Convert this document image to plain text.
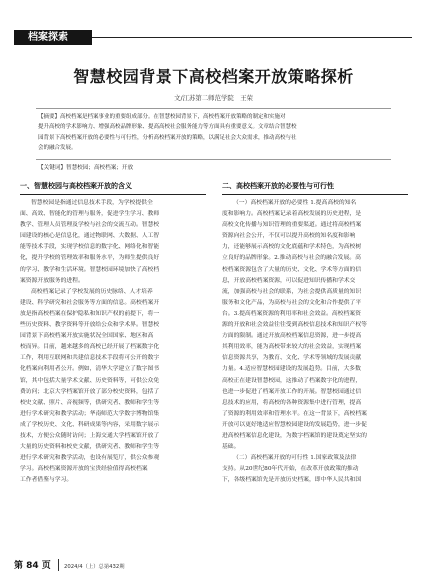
档案探索
智慧校园背景下高校档案开放策略探析
文/江苏第二师范学院　王荣
【摘要】高校档案是档案事业的重要组成部分。在智慧校园背景下，高校档案开放策略的制定和实施对
提升高校的学术影响力、增强高校品牌形象、提高高校社会服务能力等方面具有重要意义。文章结合智慧校
园背景下高校档案开放的必要性与可行性，分析高校档案开放的策略，以满足社会大众需求，推动高校与社
会的融合发展。
【关键词】智慧校园；高校档案；开放
一、智慧校园与高校档案开放的含义
智慧校园是指通过信息技术手段，为学校提供全
面、高效、智能化的管理与服务，促进学生学习、教师
教学、管理人员管理及学校与社会的交流互动。智慧校
园建设的核心是信息化，通过物联网、大数据、人工智
能等技术手段，实现学校信息的数字化、网络化和智能
化，提升学校的管理效率和服务水平，为师生提供良好
的学习、教学和生活环境。智慧校园环境加快了高校档
案资源开放服务的进程。
高校档案记录了学校发展的历史脉络、人才培养
建设、科学研究和社会服务等方面的信息。高校档案开
放是指高校档案在保护隐私和知识产权的前提下，将一
些历史资料、教学资料等开放给公众和学术界。智慧校
园背景下高校档案开放实施状况全国国家、地区和高
校而异。目前，越来越多的高校已经开展了档案数字化
工作，利用互联网和共建信息技术手段将可公开的数字
化档案向利用者公开。例如，清华大学建立了数字图书
馆，其中包括大量学术文献、历史资料等，可供公众免
费访问；北京大学档案馆开放了部分校史资料，包括了
校史文献、照片、音视频等，供研究者、教师和学生等
进行学术研究和教学活动；华南师范大学数字博物馆集
成了学校历史、文化、科研成果等内容，采用数字展示
技术，方便公众随时访问；上海交通大学档案馆开放了
大量的历史资料和校史文献，供研究者、教师和学生等
进行学术研究和教学活动，也设有展览厅，供公众参观
学习。高校档案资源开放的宝贵经验值得高校档案
工作者借鉴与学习。
二、高校档案开放的必要性与可行性
（一）高校档案开放的必要性 1.提高高校的知名
度和影响力。高校档案记录着高校发展的历史进程，是
高校文化传播与知识管理的重要渠道。通过将高校档案
资源向社会公开，不仅可以提升高校的知名度和影响
力，还能够展示高校的文化底蕴和学术特色，为高校树
立良好的品牌形象。2.推动高校与社会的融合发展。高
校档案资源包含了大量的历史、文化、学术等方面的信
息，开放高校档案资源，可以促进知识传播和学术交
流，加强高校与社会的联系，为社会提供高质量的知识
服务和文化产品，为高校与社会的文化和合作提供了平
台。3.提高档案资源的利用率和社会效益。高校档案资
源的开放和社会效益往往受到高校信息技术和知识产权等
方面的限制。通过开放高校档案信息资源，进一步提高
其利用效率，能为高校带来较大的社会效益，实现档案
信息资源共享，为教育、文化、学术等领域的发展贡献
力量。4.适应智慧校园建设的发展趋势。目前，大多数
高校正在建设智慧校园，这推动了档案数字化的进程，
也进一步促进了档案开放工作的开展。智慧校园通过信
息技术的应用，将高校的各种资源集中进行管理，提高
了资源的利用效率和管理水平。在这一背景下，高校档案
开放可以更好地适应智慧校园建设的发展趋势，进一步促
进高校档案信息化建设，为数字档案馆的建设奠定坚实的
基础。
（二）高校档案开放的可行性 1.国家政策及法律
支持。从20世纪80年代开始，在改革开放政策的推动
下，各级档案馆先是开放历史档案，即中华人民共和国
第 84 页 2024/4（上）总第432期
